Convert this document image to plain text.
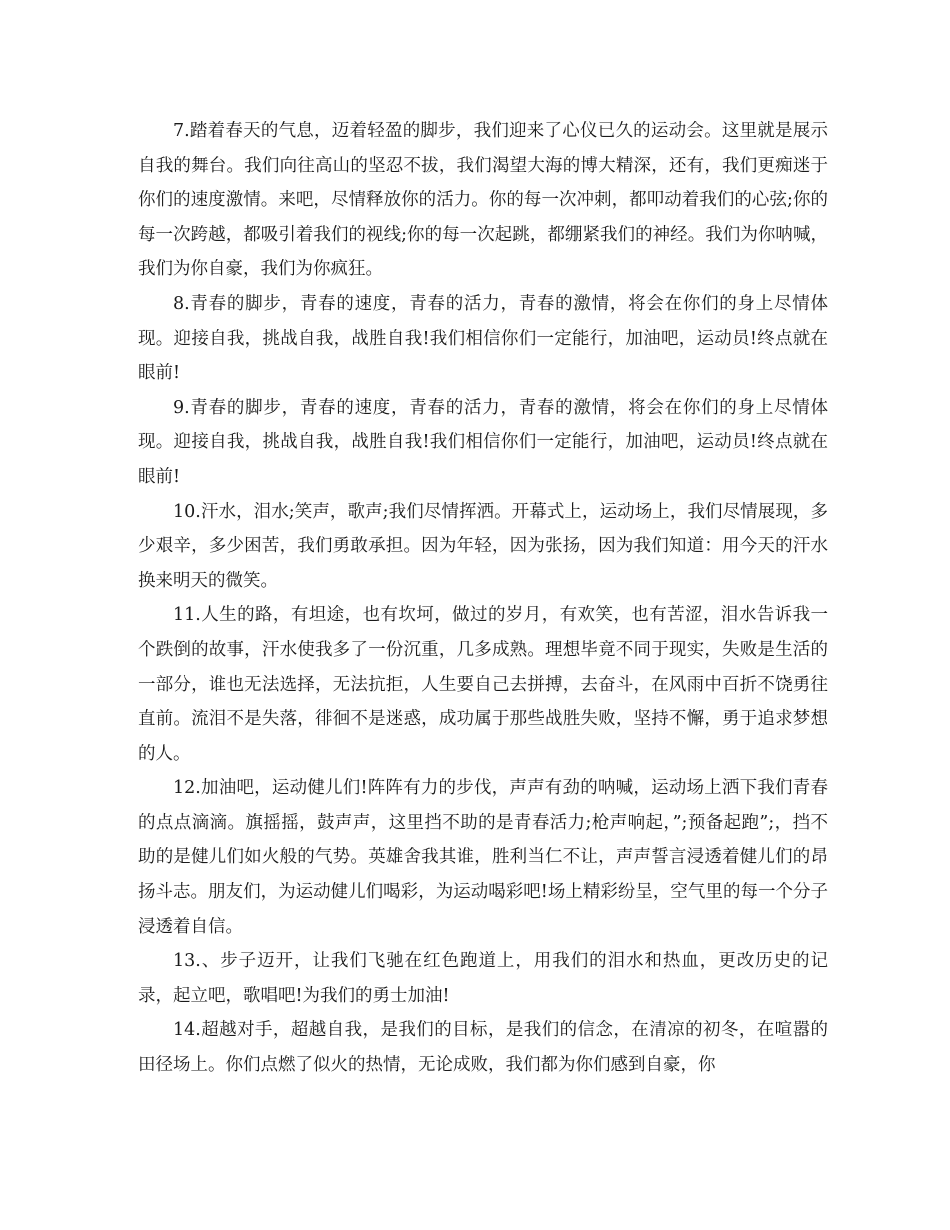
7.踏着春天的气息，迈着轻盈的脚步，我们迎来了心仪已久的运动会。这里就是展示自我的舞台。我们向往高山的坚忍不拔，我们渴望大海的博大精深，还有，我们更痴迷于你们的速度激情。来吧，尽情释放你的活力。你的每一次冲刺，都叩动着我们的心弦;你的每一次跨越，都吸引着我们的视线;你的每一次起跳，都绷紧我们的神经。我们为你呐喊，我们为你自豪，我们为你疯狂。

8.青春的脚步，青春的速度，青春的活力，青春的激情，将会在你们的身上尽情体现。迎接自我，挑战自我，战胜自我!我们相信你们一定能行，加油吧，运动员!终点就在眼前!

9.青春的脚步，青春的速度，青春的活力，青春的激情，将会在你们的身上尽情体现。迎接自我，挑战自我，战胜自我!我们相信你们一定能行，加油吧，运动员!终点就在眼前!

10.汗水，泪水;笑声，歌声;我们尽情挥洒。开幕式上，运动场上，我们尽情展现，多少艰辛，多少困苦，我们勇敢承担。因为年轻，因为张扬，因为我们知道：用今天的汗水换来明天的微笑。

11.人生的路，有坦途，也有坎坷，做过的岁月，有欢笑，也有苦涩，泪水告诉我一个跌倒的故事，汗水使我多了一份沉重，几多成熟。理想毕竟不同于现实，失败是生活的一部分，谁也无法选择，无法抗拒，人生要自己去拼搏，去奋斗，在风雨中百折不饶勇往直前。流泪不是失落，徘徊不是迷惑，成功属于那些战胜失败，坚持不懈，勇于追求梦想的人。

12.加油吧，运动健儿们!阵阵有力的步伐，声声有劲的呐喊，运动场上洒下我们青春的点点滴滴。旗摇摇，鼓声声，这里挡不助的是青春活力;枪声响起，”;预备起跑”;，挡不助的是健儿们如火般的气势。英雄舍我其谁，胜利当仁不让，声声誓言浸透着健儿们的昂扬斗志。朋友们，为运动健儿们喝彩，为运动喝彩吧!场上精彩纷呈，空气里的每一个分子浸透着自信。

13.、步子迈开，让我们飞驰在红色跑道上，用我们的泪水和热血，更改历史的记录，起立吧，歌唱吧!为我们的勇士加油!

14.超越对手，超越自我，是我们的目标，是我们的信念，在清凉的初冬，在喧嚣的田径场上。你们点燃了似火的热情，无论成败，我们都为你们感到自豪，你
